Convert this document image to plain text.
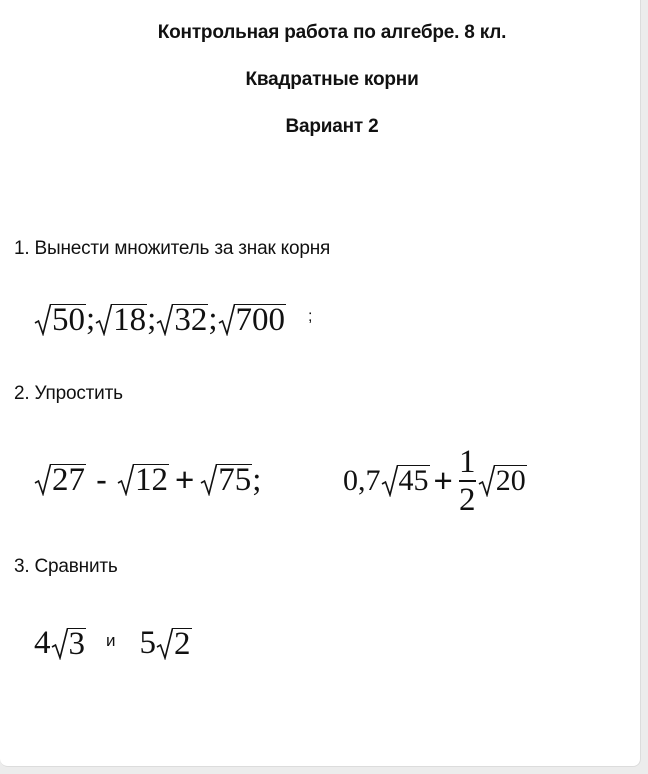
Контрольная работа по алгебре. 8 кл.
Квадратные корни
Вариант 2
1. Вынести множитель за знак корня
50 ; 18 ; 32 ; 700 ;
2. Упростить
27 - 12 + 75 ;	0,7 $45 + \frac{1}{2} 20$
3. Сравнить
4 3 и 5 2
